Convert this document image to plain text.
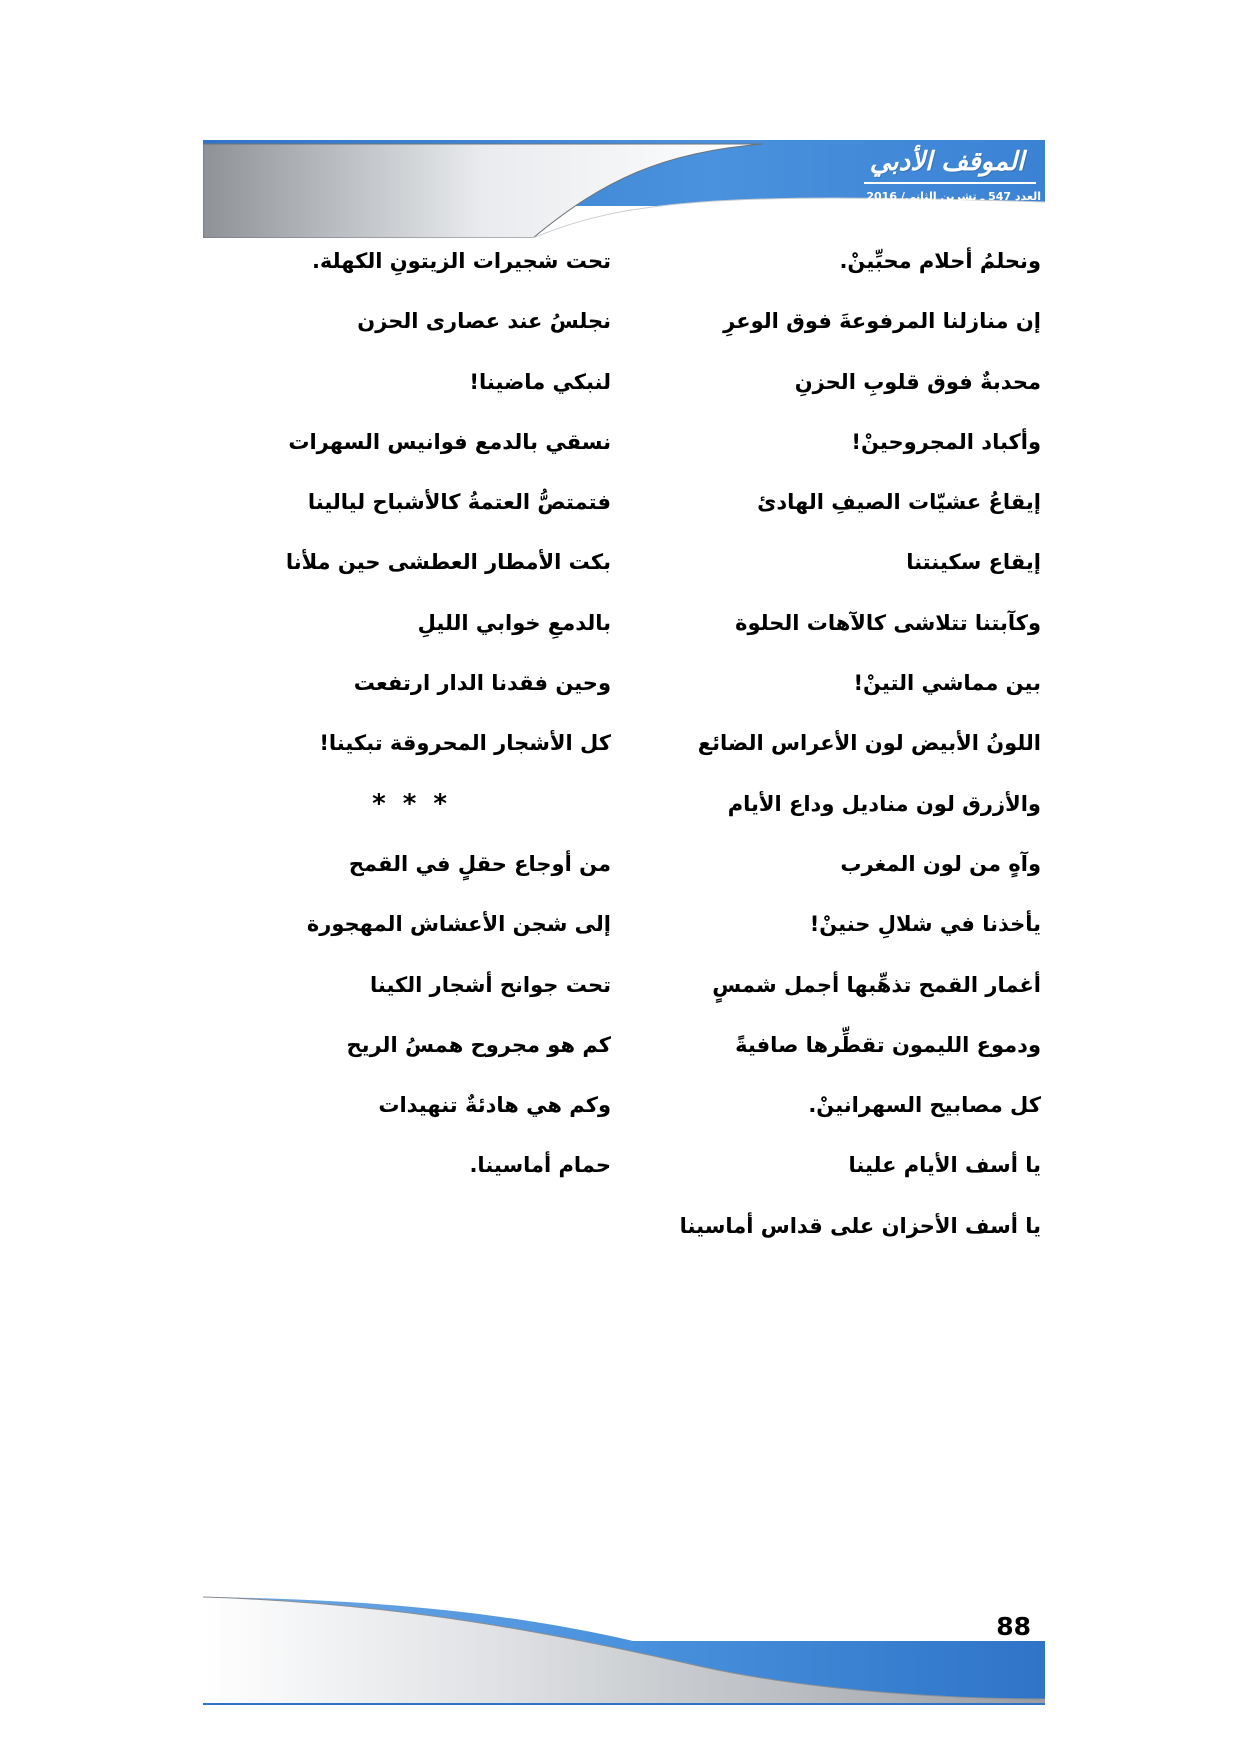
الموقف الأدبي
العدد 547 ـ تشرين الثاني/ 2016
ونحلمُ أحلام محبِّينْ.
إن منازلنا المرفوعةَ فوق الوعرِ
محدبةٌ فوق قلوبِ الحزنِ
وأكباد المجروحينْ!
إيقاعُ عشيّات الصيفِ الهادئ
إيقاع سكينتنا
وكآبتنا تتلاشى كالآهات الحلوة
بين مماشي التينْ!
اللونُ الأبيض لون الأعراس الضائع
والأزرق لون مناديل وداع الأيام
وآهٍ من لون المغرب
يأخذنا في شلالِ حنينْ!
أغمار القمح تذهِّبها أجمل شمسٍ
ودموع الليمون تقطِّرها صافيةً
كل مصابيح السهرانينْ.
يا أسف الأيام علينا
يا أسف الأحزان على قداس أماسينا
تحت شجيرات الزيتونِ الكهلة.
نجلسُ عند عصارى الحزن
لنبكي ماضينا!
نسقي بالدمع فوانيس السهرات
فتمتصُّ العتمةُ كالأشباح ليالينا
بكت الأمطار العطشى حين ملأنا
بالدمعِ خوابي الليلِ
وحين فقدنا الدار ارتفعت
كل الأشجار المحروقة تبكينا!
* * *
من أوجاع حقلٍ في القمح
إلى شجن الأعشاش المهجورة
تحت جوانح أشجار الكينا
كم هو مجروح همسُ الريح
وكم هي هادئةٌ تنهيدات
حمام أماسينا.
88
